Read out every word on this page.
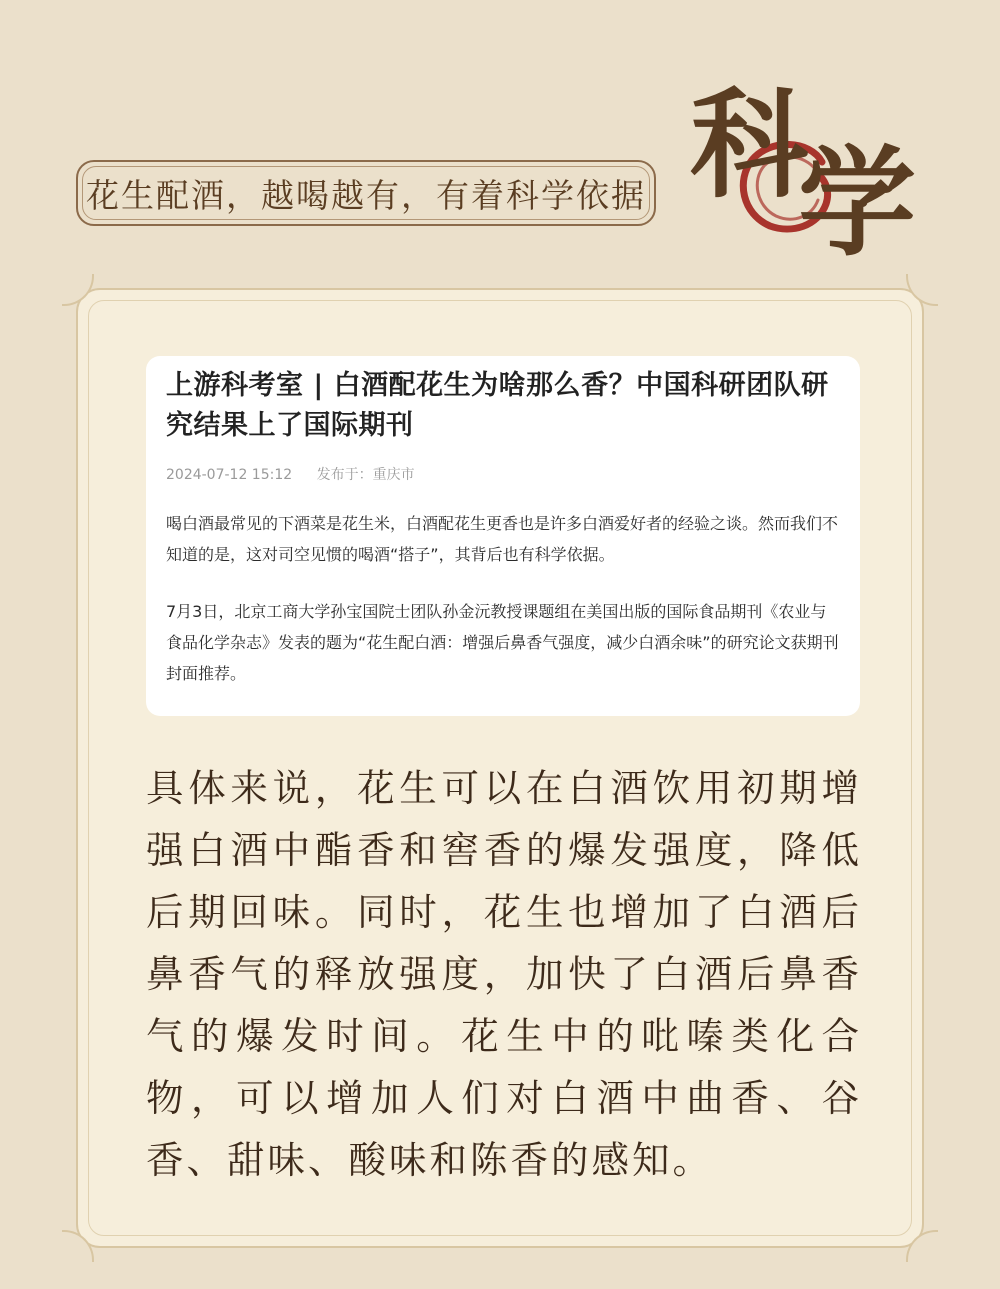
科
学
花生配酒，越喝越有，有着科学依据
上游科考室 | 白酒配花生为啥那么香？中国科研团队研究结果上了国际期刊
2024-07-12 15:12 发布于：重庆市

喝白酒最常见的下酒菜是花生米，白酒配花生更香也是许多白酒爱好者的经验之谈。然而我们不知道的是，这对司空见惯的喝酒“搭子”，其背后也有科学依据。

7月3日，北京工商大学孙宝国院士团队孙金沅教授课题组在美国出版的国际食品期刊《农业与食品化学杂志》发表的题为“花生配白酒：增强后鼻香气强度，减少白酒余味”的研究论文获期刊封面推荐。

具体来说，花生可以在白酒饮用初期增强白酒中酯香和窖香的爆发强度，降低后期回味。同时，花生也增加了白酒后鼻香气的释放强度，加快了白酒后鼻香气的爆发时间。花生中的吡嗪类化合物，可以增加人们对白酒中曲香、谷香、甜味、酸味和陈香的感知。
